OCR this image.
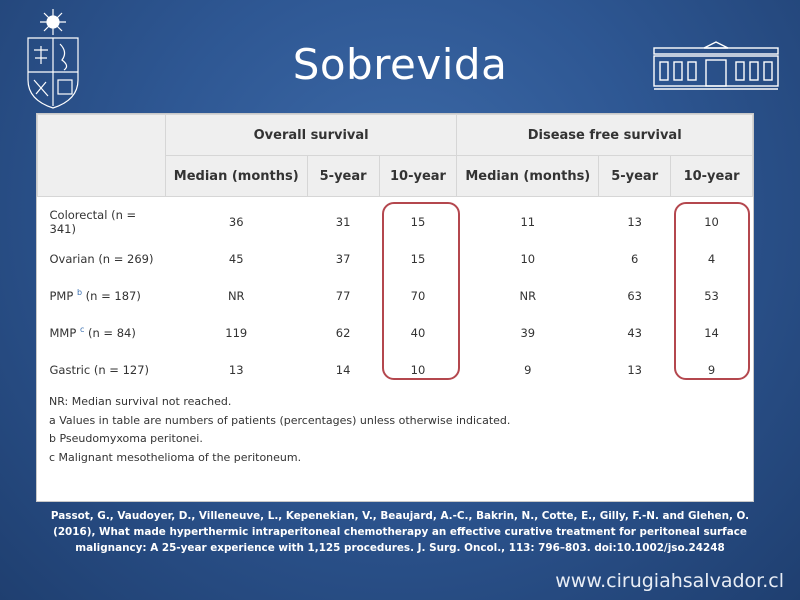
Sobrevida
	Overall survival			Disease free survival		
	Median (months)	5-year	10-year	Median (months)	5-year	10-year
Colorectal (n = 341)	36	31	15	11	13	10
Ovarian (n = 269)	45	37	15	10	6	4
PMP $^b$ (n = 187)	NR	77	70	NR	63	53
MMP $^c$ (n = 84)	119	62	40	39	43	14
Gastric (n = 127)	13	14	10	9	13	9
NR: Median survival not reached.
a Values in table are numbers of patients (percentages) unless otherwise indicated.
b Pseudomyxoma peritonei.
c Malignant mesothelioma of the peritoneum.
Passot, G., Vaudoyer, D., Villeneuve, L., Kepenekian, V., Beaujard, A.-C., Bakrin, N., Cotte, E., Gilly, F.-N. and Glehen, O. (2016), What made hyperthermic intraperitoneal chemotherapy an effective curative treatment for peritoneal surface malignancy: A 25-year experience with 1,125 procedures. J. Surg. Oncol., 113: 796–803. doi:10.1002/jso.24248
www.cirugiahsalvador.cl
